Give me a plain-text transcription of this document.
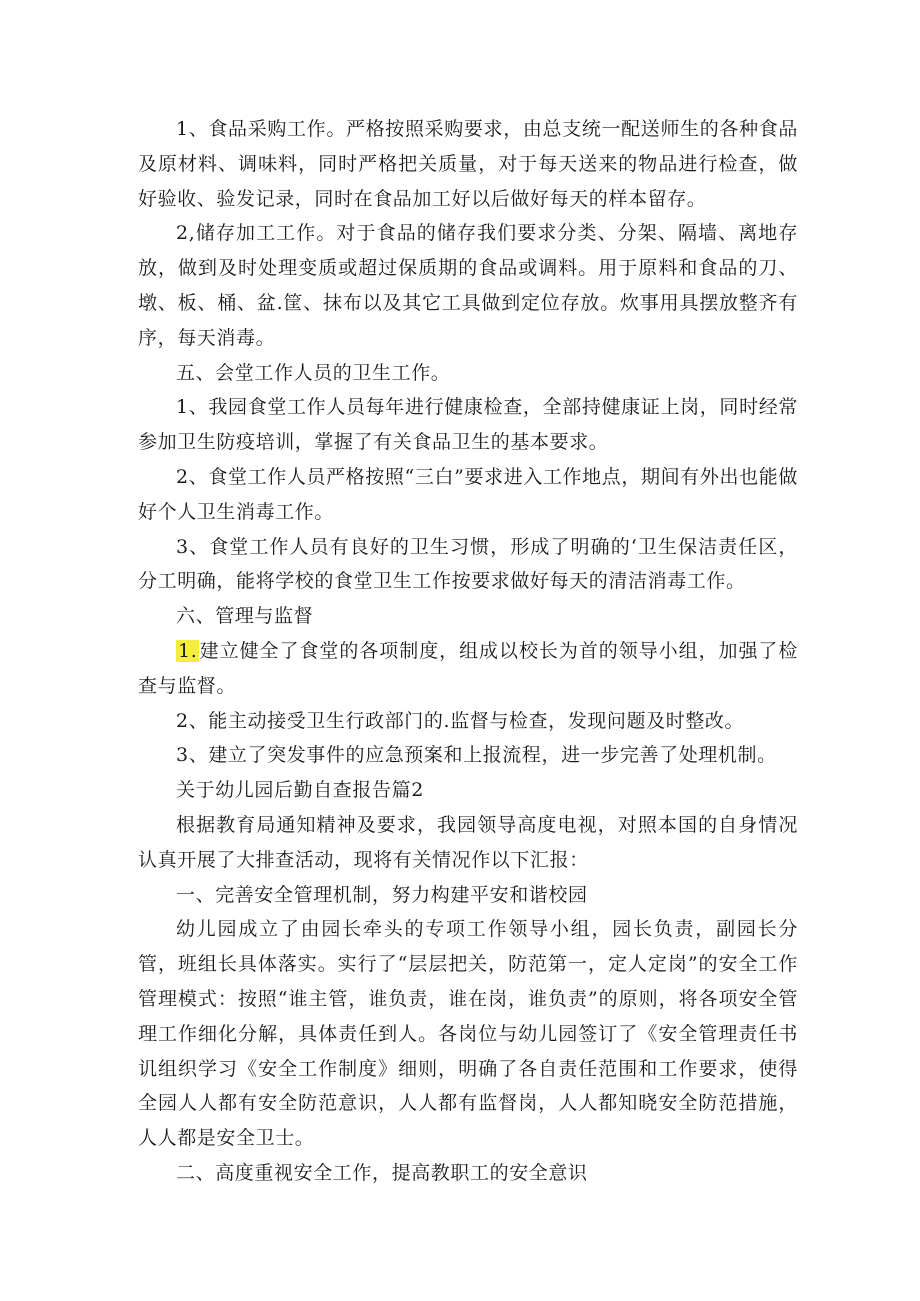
1、食品采购工作。严格按照采购要求，由总支统一配送师生的各种食品及原材料、调味料，同时严格把关质量，对于每天送来的物品进行检查，做好验收、验发记录，同时在食品加工好以后做好每天的样本留存。

2,储存加工工作。对于食品的储存我们要求分类、分架、隔墙、离地存放，做到及时处理变质或超过保质期的食品或调料。用于原料和食品的刀、墩、板、桶、盆.筐、抹布以及其它工具做到定位存放。炊事用具摆放整齐有序，每天消毒。

五、会堂工作人员的卫生工作。

1、我园食堂工作人员每年进行健康检查，全部持健康证上岗，同时经常参加卫生防疫培训，掌握了有关食品卫生的基本要求。

2、食堂工作人员严格按照“三白”要求进入工作地点，期间有外出也能做好个人卫生消毒工作。

3、食堂工作人员有良好的卫生习惯，形成了明确的‘卫生保洁责任区，分工明确，能将学校的食堂卫生工作按要求做好每天的清洁消毒工作。

六、管理与监督

1. 建立健全了食堂的各项制度，组成以校长为首的领导小组，加强了检查与监督。

2、能主动接受卫生行政部门的.监督与检查，发现问题及时整改。

3、建立了突发事件的应急预案和上报流程，进一步完善了处理机制。

关于幼儿园后勤自查报告篇2

根据教育局通知精神及要求，我园领导高度电视，对照本国的自身情况认真开展了大排查活动，现将有关情况作以下汇报：

一、完善安全管理机制，努力构建平安和谐校园

幼儿园成立了由园长牵头的专项工作领导小组，园长负责，副园长分管，班组长具体落实。实行了“层层把关，防范第一，定人定岗”的安全工作管理模式：按照“谁主管，谁负责，谁在岗，谁负责”的原则，将各项安全管理工作细化分解，具体责任到人。各岗位与幼儿园签订了《安全管理责任书讥组织学习《安全工作制度》细则，明确了各自责任范围和工作要求，使得全园人人都有安全防范意识，人人都有监督岗，人人都知晓安全防范措施，人人都是安全卫士。

二、高度重视安全工作，提高教职工的安全意识
